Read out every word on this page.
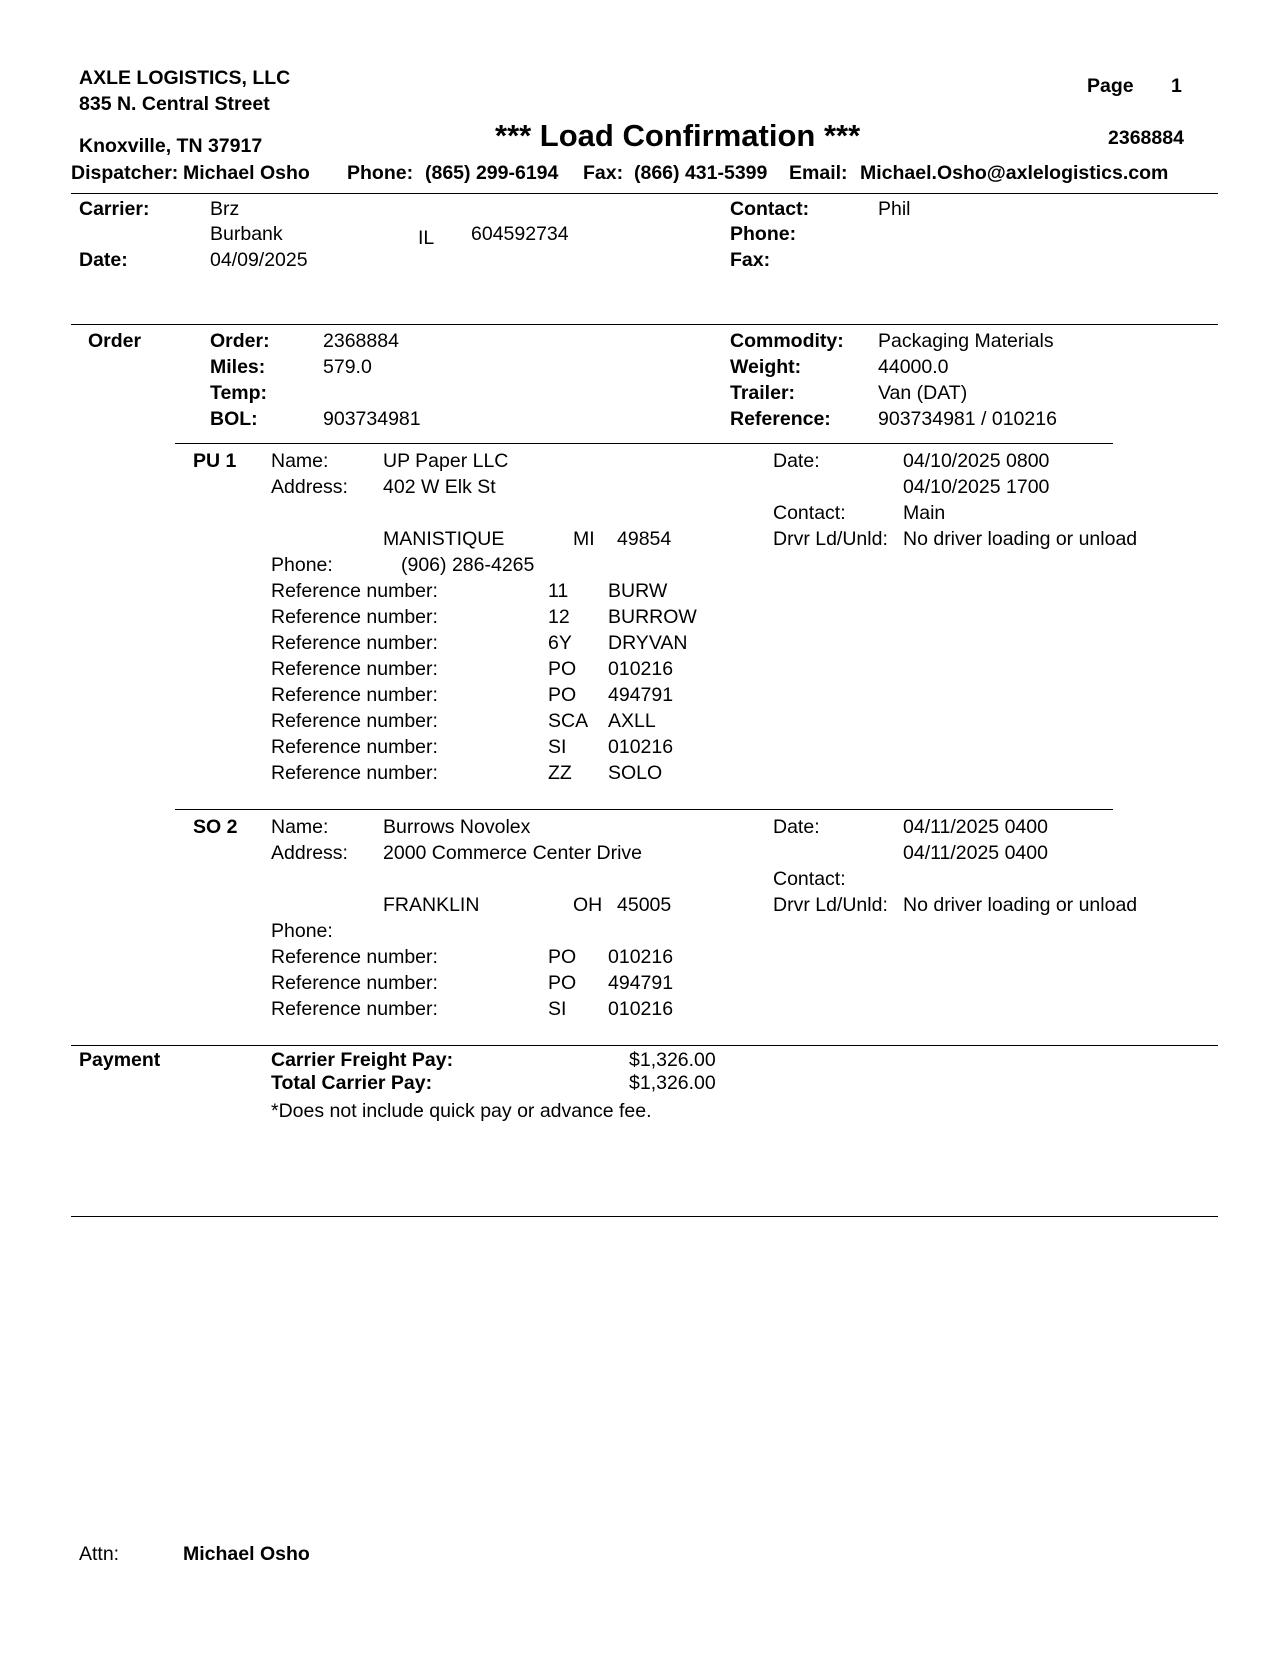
AXLE LOGISTICS, LLC
835 N. Central Street
Knoxville, TN 37917
Page 1
*** Load Confirmation ***	2368884
Dispatcher: Michael Osho Phone: (865) 299-6194 Fax: (866) 431-5399 Email: Michael.Osho@axlelogistics.com
Carrier:	Brz
Burbank	IL 604592734
Date:	04/09/2025
Contact:	Phil
Phone:
Fax:
Order	Order:	2368884
Miles:	579.0
Temp:
BOL:	903734981
Commodity: Packaging Materials
Weight:	44000.0
Trailer:	Van (DAT)
Reference: 903734981 / 010216
PU 1 Name:	UP Paper LLC
Address: 402 W Elk St
MANISTIQUE	MI 49854
Phone:	(906) 286-4265
Date:	04/10/2025 0800
04/10/2025 1700
Contact:	Main
Drvr Ld/Unld: No driver loading or unload
Reference number:	11 BURW
Reference number:	12 BURROW
Reference number:	6Y DRYVAN
Reference number:	PO 010216
Reference number:	PO 494791
Reference number:	SCA AXLL
Reference number:	SI 010216
Reference number:	ZZ SOLO
SO 2 Name:	Burrows Novolex
Address: 2000 Commerce Center Drive
FRANKLIN	OH 45005
Phone:
Date:	04/11/2025 0400
04/11/2025 0400
Contact:
Drvr Ld/Unld: No driver loading or unload
Reference number:	PO 010216
Reference number:	PO 494791
Reference number:	SI 010216
Payment	Carrier Freight Pay:	$1,326.00
Total Carrier Pay:	$1,326.00
*Does not include quick pay or advance fee.
Attn:	Michael Osho
